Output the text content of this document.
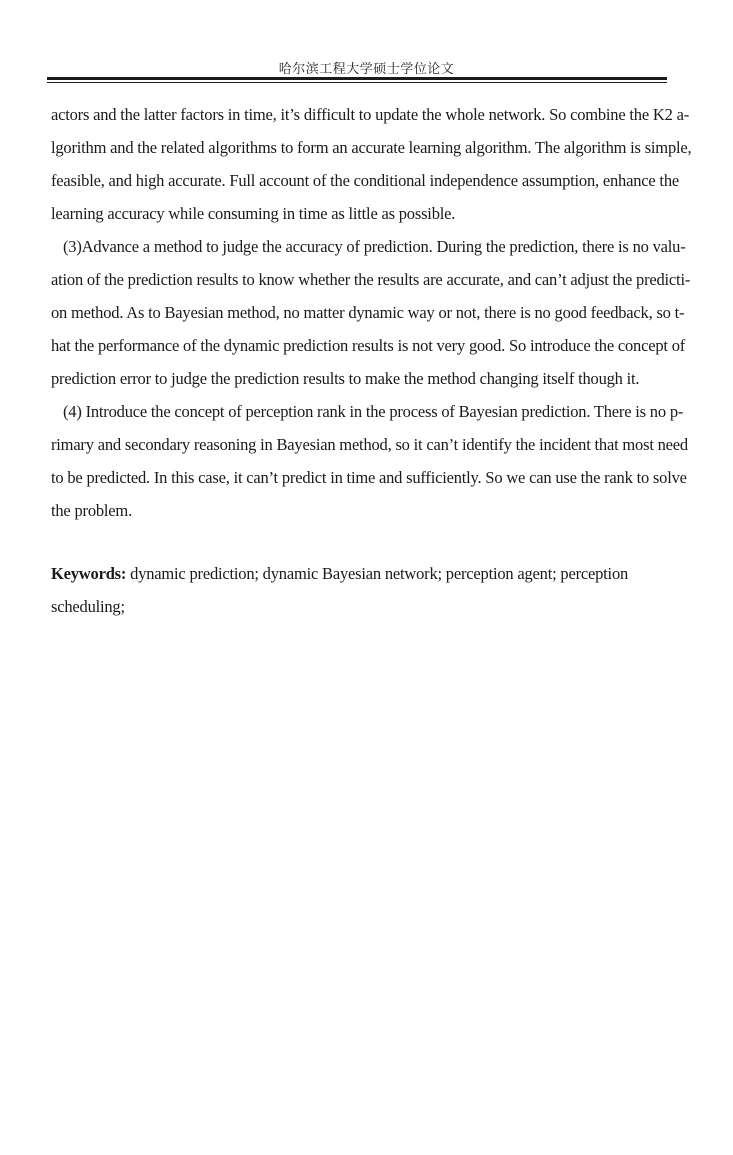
哈尔滨工程大学硕士学位论文
actors and the latter factors in time, it’s difficult to update the whole network. So combine the K2 a-
lgorithm and the related algorithms to form an accurate learning algorithm. The algorithm is simple,
feasible, and high accurate. Full account of the conditional independence assumption, enhance the
learning accuracy while consuming in time as little as possible.
(3)Advance a method to judge the accuracy of prediction. During the prediction, there is no valu-
ation of the prediction results to know whether the results are accurate, and can’t adjust the predicti-
on method. As to Bayesian method, no matter dynamic way or not, there is no good feedback, so t-
hat the performance of the dynamic prediction results is not very good. So introduce the concept of
prediction error to judge the prediction results to make the method changing itself though it.
(4) Introduce the concept of perception rank in the process of Bayesian prediction. There is no p-
rimary and secondary reasoning in Bayesian method, so it can’t identify the incident that most need
to be predicted. In this case, it can’t predict in time and sufficiently. So we can use the rank to solve
the problem.
Keywords: dynamic prediction; dynamic Bayesian network; perception agent; perception
scheduling;
